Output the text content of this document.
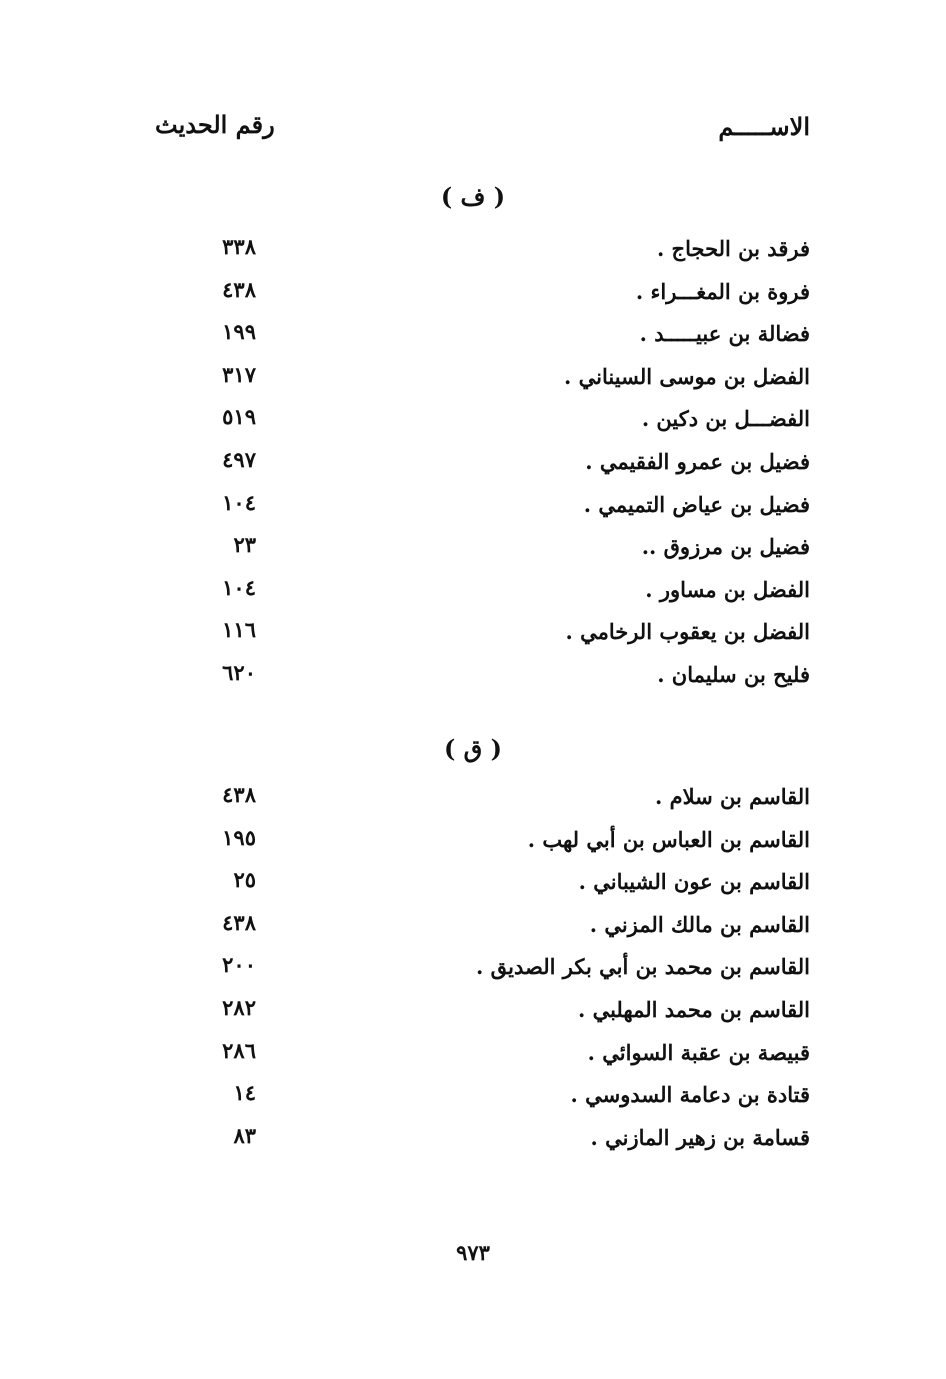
الاســـــم
رقم الحديث
( ف )
فرقد بن الحجاج .
٣٣٨
فروة بن المغـــراء .
٤٣٨
فضالة بن عبيـــــد .
١٩٩
الفضل بن موسى السيناني .
٣١٧
الفضـــل بن دكين .
٥١٩
فضيل بن عمرو الفقيمي .
٤٩٧
فضيل بن عياض التميمي .
١٠٤
فضيل بن مرزوق ..
٢٣
الفضل بن مساور .
١٠٤
الفضل بن يعقوب الرخامي .
١١٦
فليح بن سليمان .
٦٢٠
( ق )
القاسم بن سلام .
٤٣٨
القاسم بن العباس بن أبي لهب .
١٩٥
القاسم بن عون الشيباني .
٢٥
القاسم بن مالك المزني .
٤٣٨
القاسم بن محمد بن أبي بكر الصديق .
٢٠٠
القاسم بن محمد المهلبي .
٢٨٢
قبيصة بن عقبة السوائي .
٢٨٦
قتادة بن دعامة السدوسي .
١٤
قسامة بن زهير المازني .
٨٣
٩٧٣
